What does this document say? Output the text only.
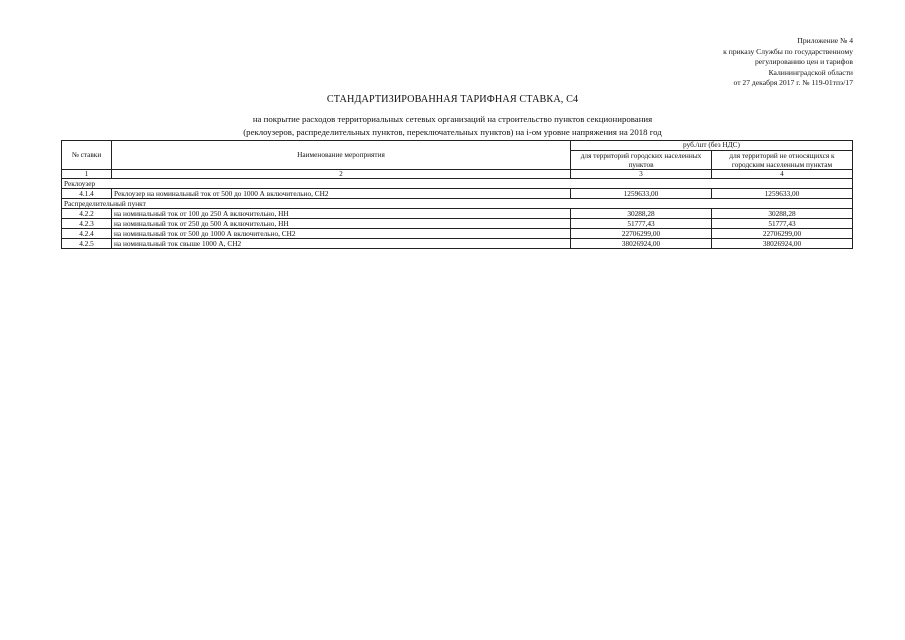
Приложение № 4
к приказу Службы по государственному
регулированию цен и тарифов
Калининградской области
от 27 декабря 2017 г. № 119-01тпэ/17
СТАНДАРТИЗИРОВАННАЯ ТАРИФНАЯ СТАВКА, С4
на покрытие расходов территориальных сетевых организаций на строительство пунктов секционирования
(реклоузеров, распределительных пунктов, переключательных пунктов) на i-ом уровне напряжения на 2018 год
№ ставки	Наименование мероприятия	руб./шт (без НДС)	
		для территорий городских населенных пунктов	для территорий не относящихся к городским населенным пунктам
1	2	3	4
Реклоузер			
4.1.4	Реклоузер на номинальный ток от 500 до 1000 А включительно, СН2	1259633,00	1259633,00
Распределительный пункт			
4.2.2	на номинальный ток от 100 до 250 А включительно, НН	30288,28	30288,28
4.2.3	на номинальный ток от 250 до 500 А включительно, НН	51777,43	51777,43
4.2.4	на номинальный ток от 500 до 1000 А включительно, СН2	22706299,00	22706299,00
4.2.5	на номинальный ток свыше 1000 А, СН2	38026924,00	38026924,00
